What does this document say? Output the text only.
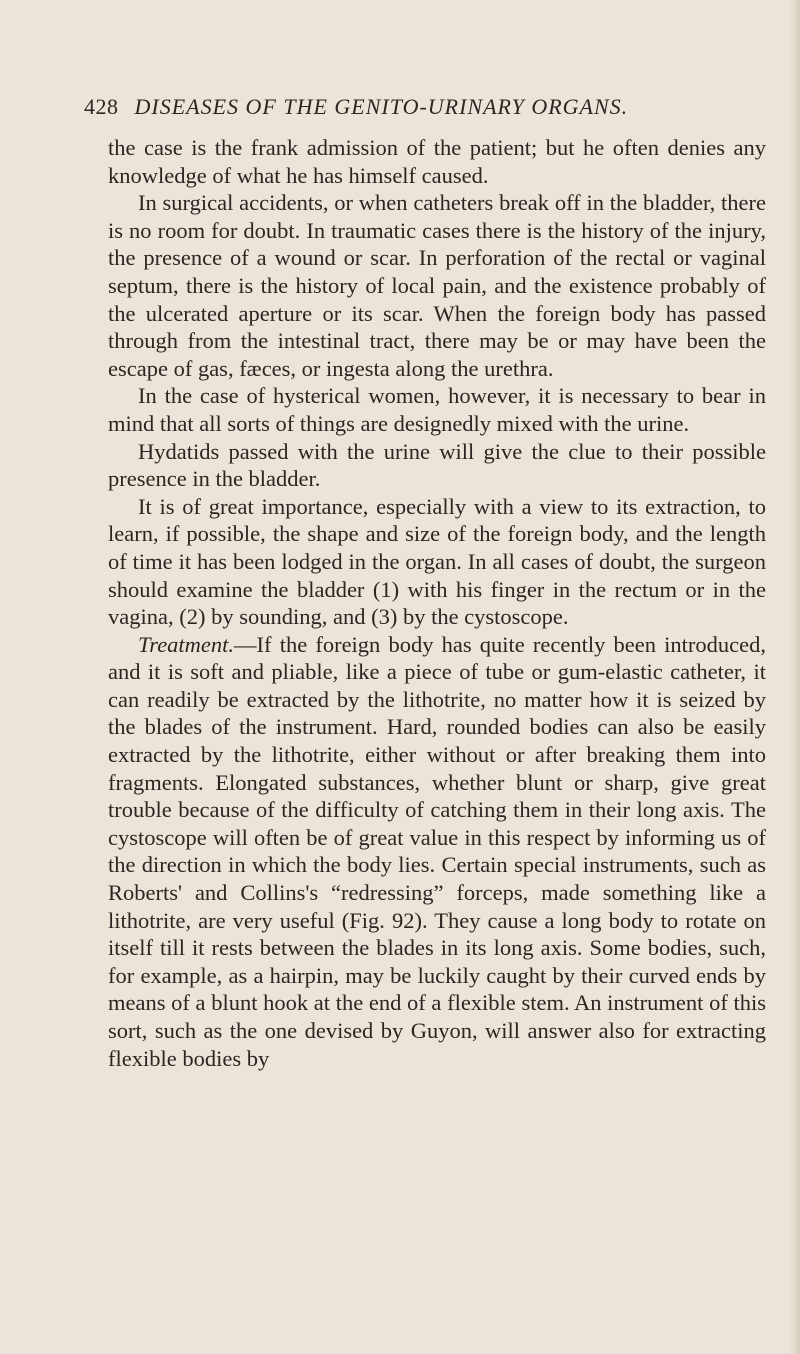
428 DISEASES OF THE GENITO-URINARY ORGANS.

the case is the frank admission of the patient; but he often denies any knowledge of what he has himself caused.

In surgical accidents, or when catheters break off in the bladder, there is no room for doubt. In traumatic cases there is the history of the injury, the presence of a wound or scar. In perforation of the rectal or vaginal septum, there is the history of local pain, and the existence probably of the ulcerated aperture or its scar. When the foreign body has passed through from the intestinal tract, there may be or may have been the escape of gas, fæces, or ingesta along the urethra.

In the case of hysterical women, however, it is necessary to bear in mind that all sorts of things are designedly mixed with the urine.

Hydatids passed with the urine will give the clue to their possible presence in the bladder.

It is of great importance, especially with a view to its extraction, to learn, if possible, the shape and size of the foreign body, and the length of time it has been lodged in the organ. In all cases of doubt, the surgeon should examine the bladder (1) with his finger in the rectum or in the vagina, (2) by sounding, and (3) by the cystoscope.

Treatment.—If the foreign body has quite recently been introduced, and it is soft and pliable, like a piece of tube or gum-elastic catheter, it can readily be extracted by the lithotrite, no matter how it is seized by the blades of the instrument. Hard, rounded bodies can also be easily extracted by the lithotrite, either without or after breaking them into fragments. Elongated substances, whether blunt or sharp, give great trouble because of the difficulty of catching them in their long axis. The cystoscope will often be of great value in this respect by informing us of the direction in which the body lies. Certain special instruments, such as Roberts' and Collins's “redressing” forceps, made something like a lithotrite, are very useful (Fig. 92). They cause a long body to rotate on itself till it rests between the blades in its long axis. Some bodies, such, for example, as a hairpin, may be luckily caught by their curved ends by means of a blunt hook at the end of a flexible stem. An instrument of this sort, such as the one devised by Guyon, will answer also for extracting flexible bodies by
